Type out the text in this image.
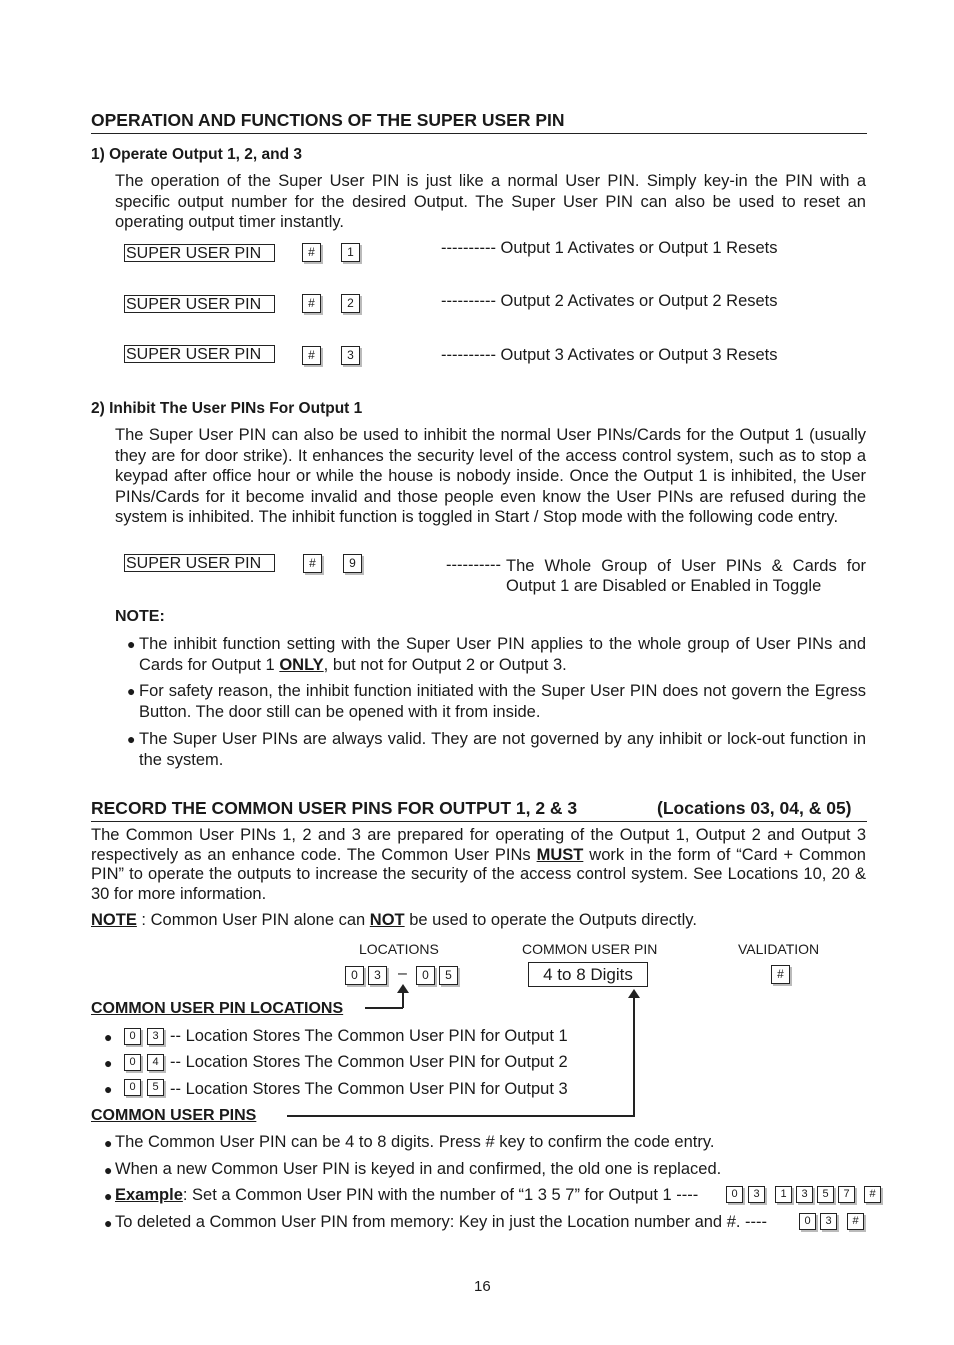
OPERATION AND FUNCTIONS OF THE SUPER USER PIN
1) Operate Output 1, 2, and 3
The operation of the Super User PIN is just like a normal User PIN. Simply key-in the PIN with a specific output number for the desired Output. The Super User PIN can also be used to reset an operating output timer instantly.
SUPER USER PIN	#	1	---------- Output 1 Activates or Output 1 Resets
SUPER USER PIN	#	2	---------- Output 2 Activates or Output 2 Resets
SUPER USER PIN	#	3	---------- Output 3 Activates or Output 3 Resets
2) Inhibit The User PINs For Output 1
The Super User PIN can also be used to inhibit the normal User PINs/Cards for the Output 1 (usually they are for door strike). It enhances the security level of the access control system, such as to stop a keypad after office hour or while the house is nobody inside. Once the Output 1 is inhibited, the User PINs/Cards for it become invalid and those people even know the User PINs are refused during the system is inhibited. The inhibit function is toggled in Start / Stop mode with the following code entry.
SUPER USER PIN	#	9	---------- The Whole Group of User PINs & Cards for
Output 1 are Disabled or Enabled in Toggle
NOTE:
● The inhibit function setting with the Super User PIN applies to the whole group of User PINs and Cards for Output 1 ONLY, but not for Output 2 or Output 3.
● For safety reason, the inhibit function initiated with the Super User PIN does not govern the Egress Button. The door still can be opened with it from inside.
● The Super User PINs are always valid. They are not governed by any inhibit or lock-out function in the system.
RECORD THE COMMON USER PINS FOR OUTPUT 1, 2 & 3	(Locations 03, 04, & 05)
The Common User PINs 1, 2 and 3 are prepared for operating of the Output 1, Output 2 and Output 3 respectively as an enhance code. The Common User PINs MUST work in the form of “Card + Common PIN” to operate the outputs to increase the security of the access control system. See Locations 10, 20 & 30 for more information.
NOTE : Common User PIN alone can NOT be used to operate the Outputs directly.
LOCATIONS	COMMON USER PIN	VALIDATION
0	3	–	0	5	4 to 8 Digits	#
COMMON USER PIN LOCATIONS
●	0	3 -- Location Stores The Common User PIN for Output 1
●	0	4 -- Location Stores The Common User PIN for Output 2
●	0	5 -- Location Stores The Common User PIN for Output 3
COMMON USER PINS
● The Common User PIN can be 4 to 8 digits. Press # key to confirm the code entry.
● When a new Common User PIN is keyed in and confirmed, the old one is replaced.
● Example: Set a Common User PIN with the number of “1 3 5 7” for Output 1 ----	0	3	1	3	5	7	#
● To deleted a Common User PIN from memory: Key in just the Location number and #. ----	0	3	#
16
